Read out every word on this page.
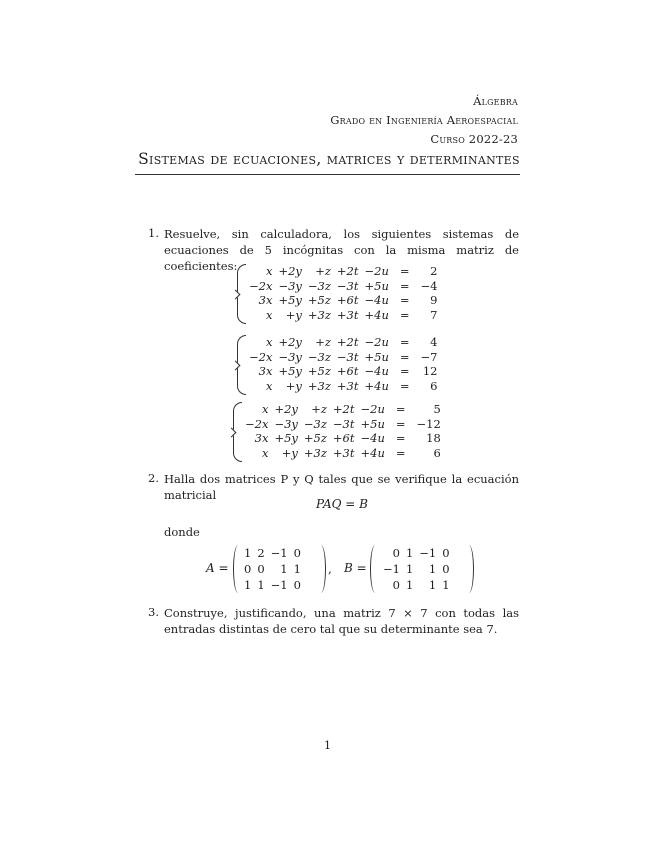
Álgebra
Grado en Ingeniería Aeroespacial
Curso 2022-23
Sistemas de ecuaciones, matrices y determinantes
1. Resuelve, sin calculadora, los siguientes sistemas de ecuaciones de 5 incógnitas con la misma matriz de coeficientes:	x	+2y	+z	+2t	−2u	=	2
−2x	−3y	−3z	−3t	+5u	=	−4
3x	+5y	+5z	+6t	−4u	=	9
x	+y	+3z	+3t	+4u	=	7
x	+2y	+z	+2t	−2u	=	4
−2x	−3y	−3z	−3t	+5u	=	−7
3x	+5y	+5z	+6t	−4u	=	12
x	+y	+3z	+3t	+4u	=	6
x	+2y	+z	+2t	−2u	=	5
−2x	−3y	−3z	−3t	+5u	=	−12
3x	+5y	+5z	+6t	−4u	=	18
x	+y	+3z	+3t	+4u	=	6
2. Halla dos matrices P y Q tales que se verifique la ecuación matricial
PAQ = B
donde
A =
1	2	−1	0
0	0	1	1
1	1	−1	0
, B =
0	1	−1	0
−1	1	1	0
0	1	1	1
3. Construye, justificando, una matriz 7 × 7 con todas las entradas distintas de cero tal que su determinante sea 7.
1
